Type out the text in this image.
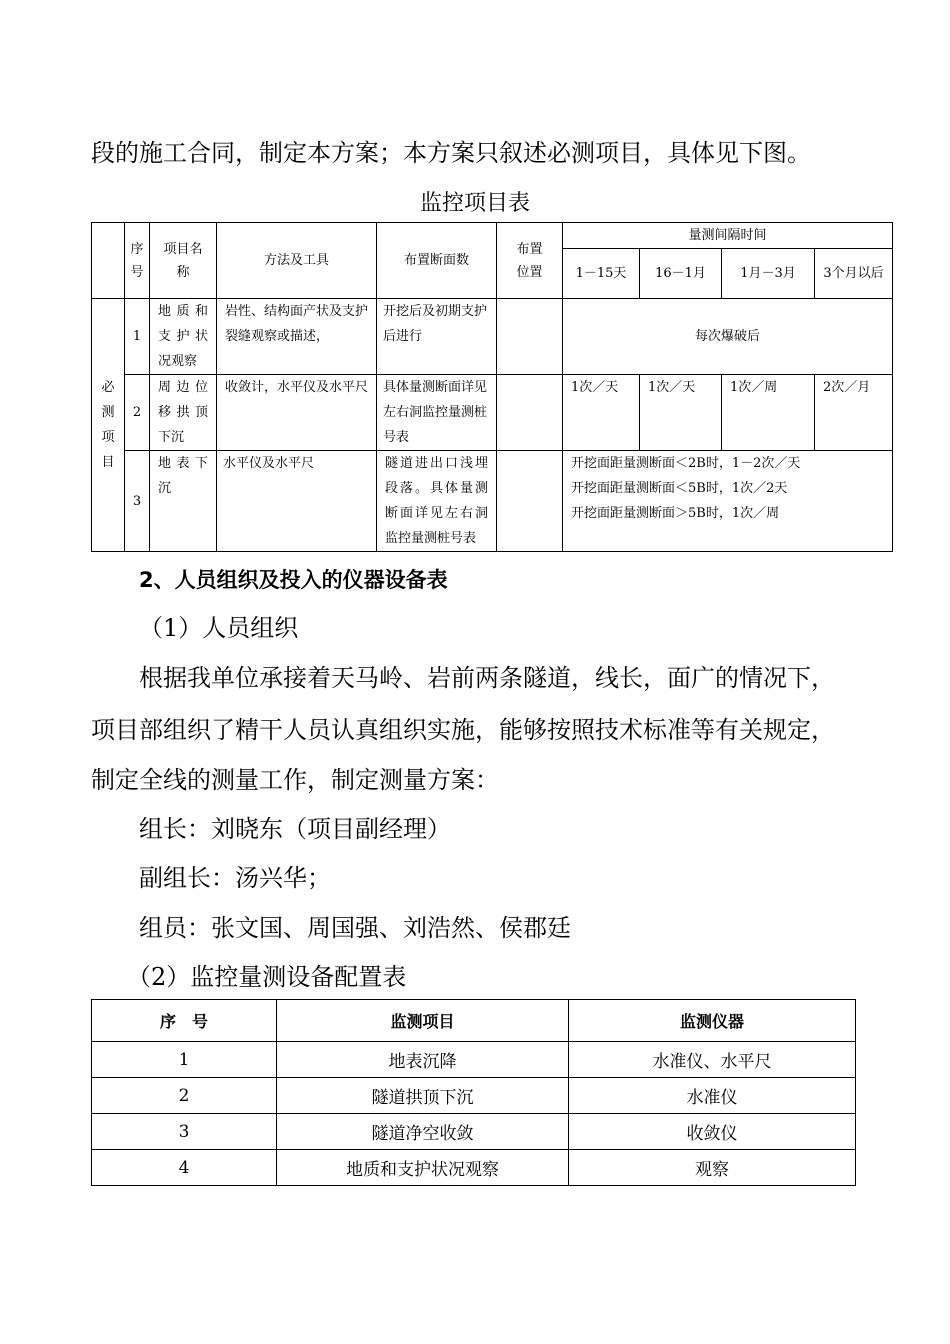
段的施工合同，制定本方案；本方案只叙述必测项目，具体见下图。
监控项目表
	序号	项目名称	方法及工具	布置断面数	布置位置	量测间隔时间			
						1－15天	16－1月	1月－3月	3个月以后
必测项目	1	地质和支护状况观察	岩性、结构面产状及支护裂缝观察或描述，	开挖后及初期支护后进行		每次爆破后			
	2	周边位移拱顶下沉	收敛计，水平仪及水平尺	具体量测断面详见左右洞监控量测桩号表		1次／天	1次／天	1次／周	2次／月
	3	地表下沉	水平仪及水平尺	隧道进出口浅埋段落。具体量测断面详见左右洞监控量测桩号表		开挖面距量测断面＜2B时，1－2次／天
开挖面距量测断面＜5B时，1次／2天
开挖面距量测断面＞5B时，1次／周			
2、人员组织及投入的仪器设备表
（1）人员组织
根据我单位承接着天马岭、岩前两条隧道，线长，面广的情况下，
项目部组织了精干人员认真组织实施，能够按照技术标准等有关规定，
制定全线的测量工作，制定测量方案：
组长：刘晓东（项目副经理）
副组长：汤兴华；
组员：张文国、周国强、刘浩然、侯郡廷
（2）监控量测设备配置表
序　号	监测项目	监测仪器
1	地表沉降	水准仪、水平尺
2	隧道拱顶下沉	水准仪
3	隧道净空收敛	收敛仪
4	地质和支护状况观察	观察
